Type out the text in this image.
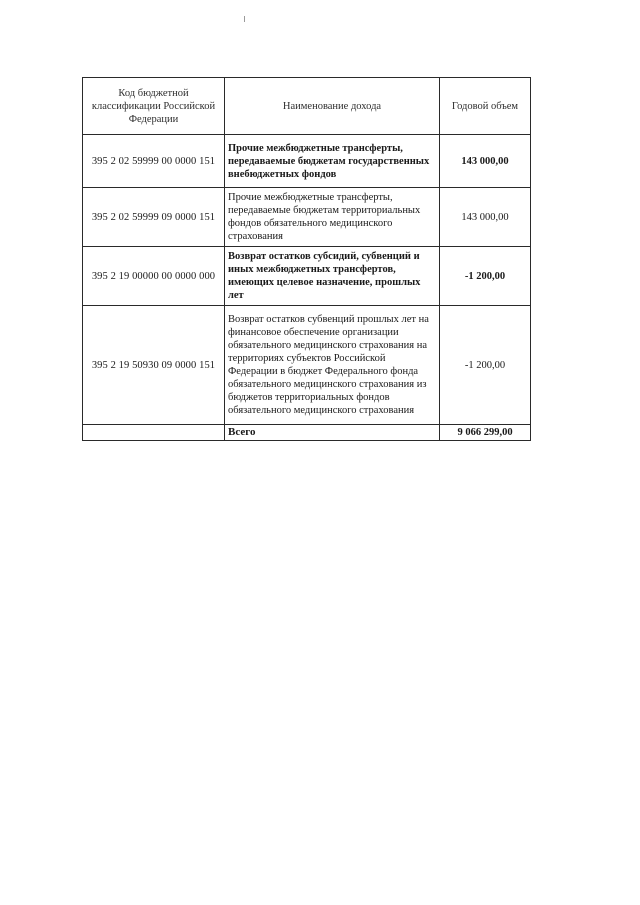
Код бюджетной классификации Российской Федерации	Наименование дохода	Годовой объем
395 2 02 59999 00 0000 151	Прочие межбюджетные трансферты, передаваемые бюджетам государственных внебюджетных фондов	143 000,00
395 2 02 59999 09 0000 151	Прочие межбюджетные трансферты, передаваемые бюджетам территориальных фондов обязательного медицинского страхования	143 000,00
395 2 19 00000 00 0000 000	Возврат остатков субсидий, субвенций и иных межбюджетных трансфертов, имеющих целевое назначение, прошлых лет	-1 200,00
395 2 19 50930 09 0000 151	Возврат остатков субвенций прошлых лет на финансовое обеспечение организации обязательного медицинского страхования на территориях субъектов Российской Федерации в бюджет Федерального фонда обязательного медицинского страхования из бюджетов территориальных фондов обязательного медицинского страхования	-1 200,00
	Всего	9 066 299,00
